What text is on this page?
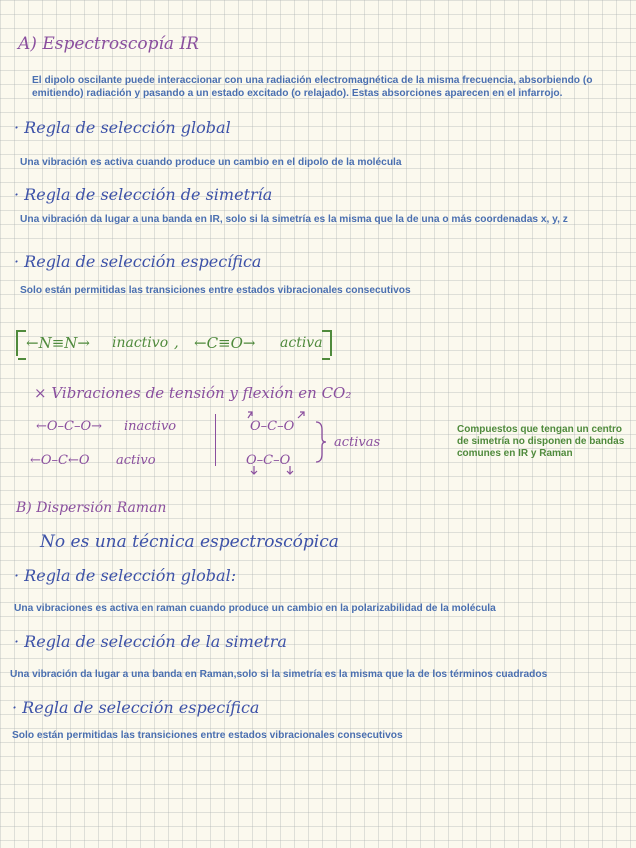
A) Espectroscopía IR
El dipolo oscilante puede interaccionar con una radiación electromagnética de la misma frecuencia, absorbiendo (o emitiendo) radiación y pasando a un estado excitado (o relajado). Estas absorciones aparecen en el infarrojo.
· Regla de selección global
Una vibración es activa cuando produce un cambio en el dipolo de la molécula
· Regla de selección de simetría
Una vibración da lugar a una banda en IR, solo si la simetría es la misma que la de una o más coordenadas x, y, z
· Regla de selección específica
Solo están permitidas las transiciones entre estados vibracionales consecutivos
←N≡N→ inactivo , ←C≡O→ activa
× Vibraciones de tensión y flexión en CO₂
←O–C–O→ inactivo
←O–C←O activo
O–C–O
O–C–O
activas
Compuestos que tengan un centro de simetría no disponen de bandas comunes en IR y Raman
B) Dispersión Raman
No es una técnica espectroscópica
· Regla de selección global:
Una vibraciones es activa en raman cuando produce un cambio en la polarizabilidad de la molécula
· Regla de selección de la simetra
Una vibración da lugar a una banda en Raman,solo si la simetría es la misma que la de los términos cuadrados
· Regla de selección específica
Solo están permitidas las transiciones entre estados vibracionales consecutivos
